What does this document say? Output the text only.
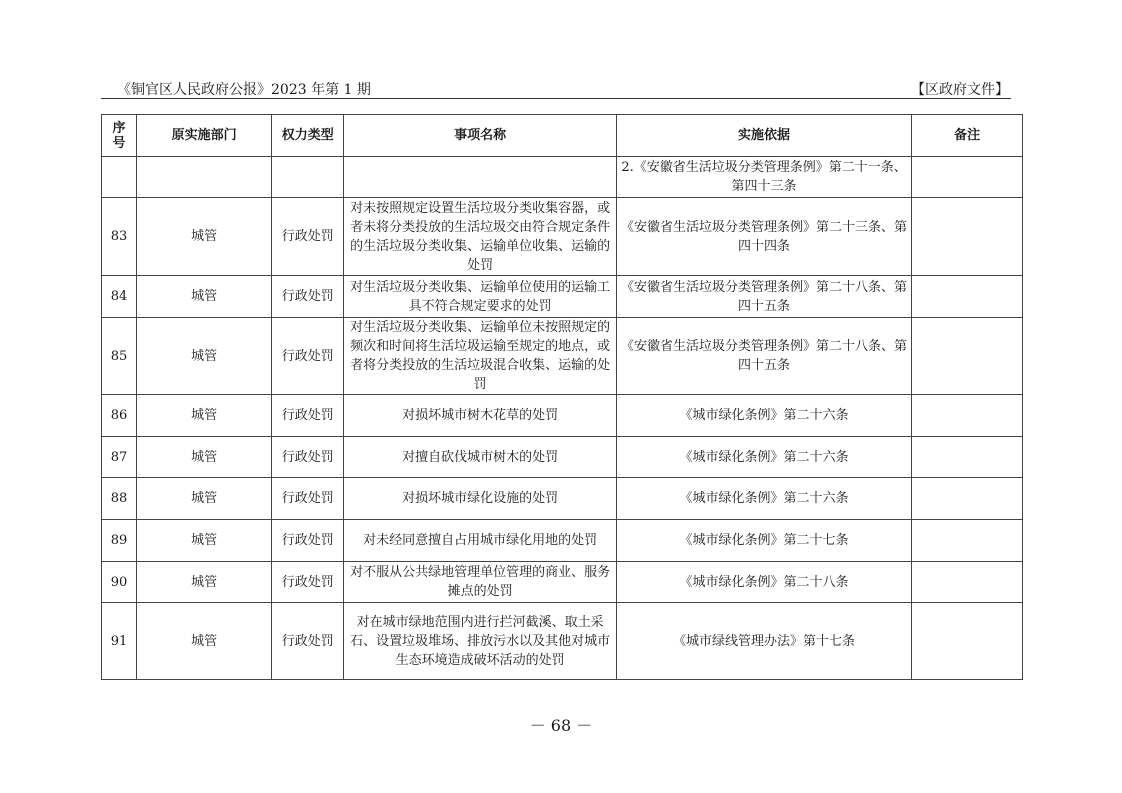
《铜官区人民政府公报》2023 年第 1 期	【区政府文件】
序
号	原实施部门	权力类型	事项名称	实施依据	备注
				2.《安徽省生活垃圾分类管理条例》第二十一条、第四十三条	
83	城管	行政处罚	对未按照规定设置生活垃圾分类收集容器，或者未将分类投放的生活垃圾交由符合规定条件的生活垃圾分类收集、运输单位收集、运输的处罚	《安徽省生活垃圾分类管理条例》第二十三条、第四十四条	
84	城管	行政处罚	对生活垃圾分类收集、运输单位使用的运输工具不符合规定要求的处罚	《安徽省生活垃圾分类管理条例》第二十八条、第四十五条	
85	城管	行政处罚	对生活垃圾分类收集、运输单位未按照规定的频次和时间将生活垃圾运输至规定的地点，或者将分类投放的生活垃圾混合收集、运输的处罚	《安徽省生活垃圾分类管理条例》第二十八条、第四十五条	
86	城管	行政处罚	对损坏城市树木花草的处罚	《城市绿化条例》第二十六条	
87	城管	行政处罚	对擅自砍伐城市树木的处罚	《城市绿化条例》第二十六条	
88	城管	行政处罚	对损坏城市绿化设施的处罚	《城市绿化条例》第二十六条	
89	城管	行政处罚	对未经同意擅自占用城市绿化用地的处罚	《城市绿化条例》第二十七条	
90	城管	行政处罚	对不服从公共绿地管理单位管理的商业、服务摊点的处罚	《城市绿化条例》第二十八条	
91	城管	行政处罚	对在城市绿地范围内进行拦河截溪、取土采石、设置垃圾堆场、排放污水以及其他对城市生态环境造成破坏活动的处罚	《城市绿线管理办法》第十七条	
－ 68 －
